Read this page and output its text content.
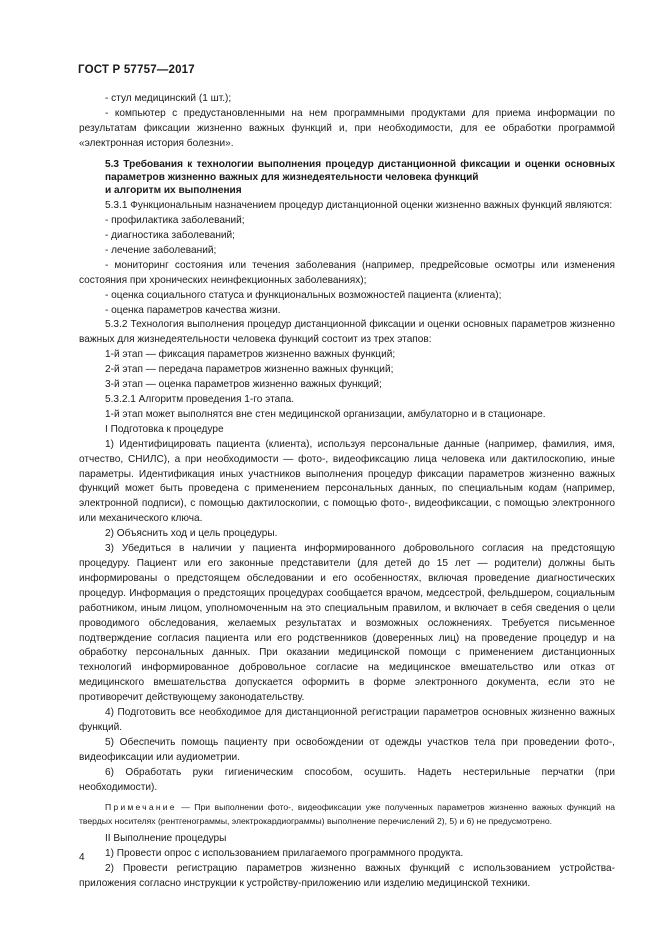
ГОСТ Р 57757—2017

- стул медицинский (1 шт.);

- компьютер с предустановленными на нем программными продуктами для приема информации по результатам фиксации жизненно важных функций и, при необходимости, для ее обработки программой «электронная история болезни».

5.3 Требования к технологии выполнения процедур дистанционной фиксации и оценки основных параметров жизненно важных для жизнедеятельности человека функций
и алгоритм их выполнения

5.3.1 Функциональным назначением процедур дистанционной оценки жизненно важных функций являются:

- профилактика заболеваний;

- диагностика заболеваний;

- лечение заболеваний;

- мониторинг состояния или течения заболевания (например, предрейсовые осмотры или изменения состояния при хронических неинфекционных заболеваниях);

- оценка социального статуса и функциональных возможностей пациента (клиента);

- оценка параметров качества жизни.

5.3.2 Технология выполнения процедур дистанционной фиксации и оценки основных параметров жизненно важных для жизнедеятельности человека функций состоит из трех этапов:

1-й этап — фиксация параметров жизненно важных функций;

2-й этап — передача параметров жизненно важных функций;

3-й этап — оценка параметров жизненно важных функций;

5.3.2.1 Алгоритм проведения 1-го этапа.

1-й этап может выполнятся вне стен медицинской организации, амбулаторно и в стационаре.

I Подготовка к процедуре

1) Идентифицировать пациента (клиента), используя персональные данные (например, фамилия, имя, отчество, СНИЛС), а при необходимости — фото-, видеофиксацию лица человека или дактилоскопию, иные параметры. Идентификация иных участников выполнения процедур фиксации параметров жизненно важных функций может быть проведена с применением персональных данных, по специальным кодам (например, электронной подписи), с помощью дактилоскопии, с помощью фото-, видеофиксации, с помощью электронного или механического ключа.

2) Объяснить ход и цель процедуры.

3) Убедиться в наличии у пациента информированного добровольного согласия на предстоящую процедуру. Пациент или его законные представители (для детей до 15 лет — родители) должны быть информированы о предстоящем обследовании и его особенностях, включая проведение диагностических процедур. Информация о предстоящих процедурах сообщается врачом, медсестрой, фельдшером, социальным работником, иным лицом, уполномоченным на это специальным правилом, и включает в себя сведения о цели проводимого обследования, желаемых результатах и возможных осложнениях. Требуется письменное подтверждение согласия пациента или его родственников (доверенных лиц) на проведение процедур и на обработку персональных данных. При оказании медицинской помощи с применением дистанционных технологий информированное добровольное согласие на медицинское вмешательство или отказ от медицинского вмешательства допускается оформить в форме электронного документа, если это не противоречит действующему законодательству.

4) Подготовить все необходимое для дистанционной регистрации параметров основных жизненно важных функций.

5) Обеспечить помощь пациенту при освобождении от одежды участков тела при проведении фото-, видеофиксации или аудиометрии.

6) Обработать руки гигиеническим способом, осушить. Надеть нестерильные перчатки (при необходимости).

Примечание — При выполнении фото-, видеофиксации уже полученных параметров жизненно важных функций на твердых носителях (рентгенограммы, электрокардиограммы) выполнение перечислений 2), 5) и 6) не предусмотрено.

II Выполнение процедуры

1) Провести опрос с использованием прилагаемого программного продукта.

2) Провести регистрацию параметров жизненно важных функций с использованием устройства-приложения согласно инструкции к устройству-приложению или изделию медицинской техники.

4
